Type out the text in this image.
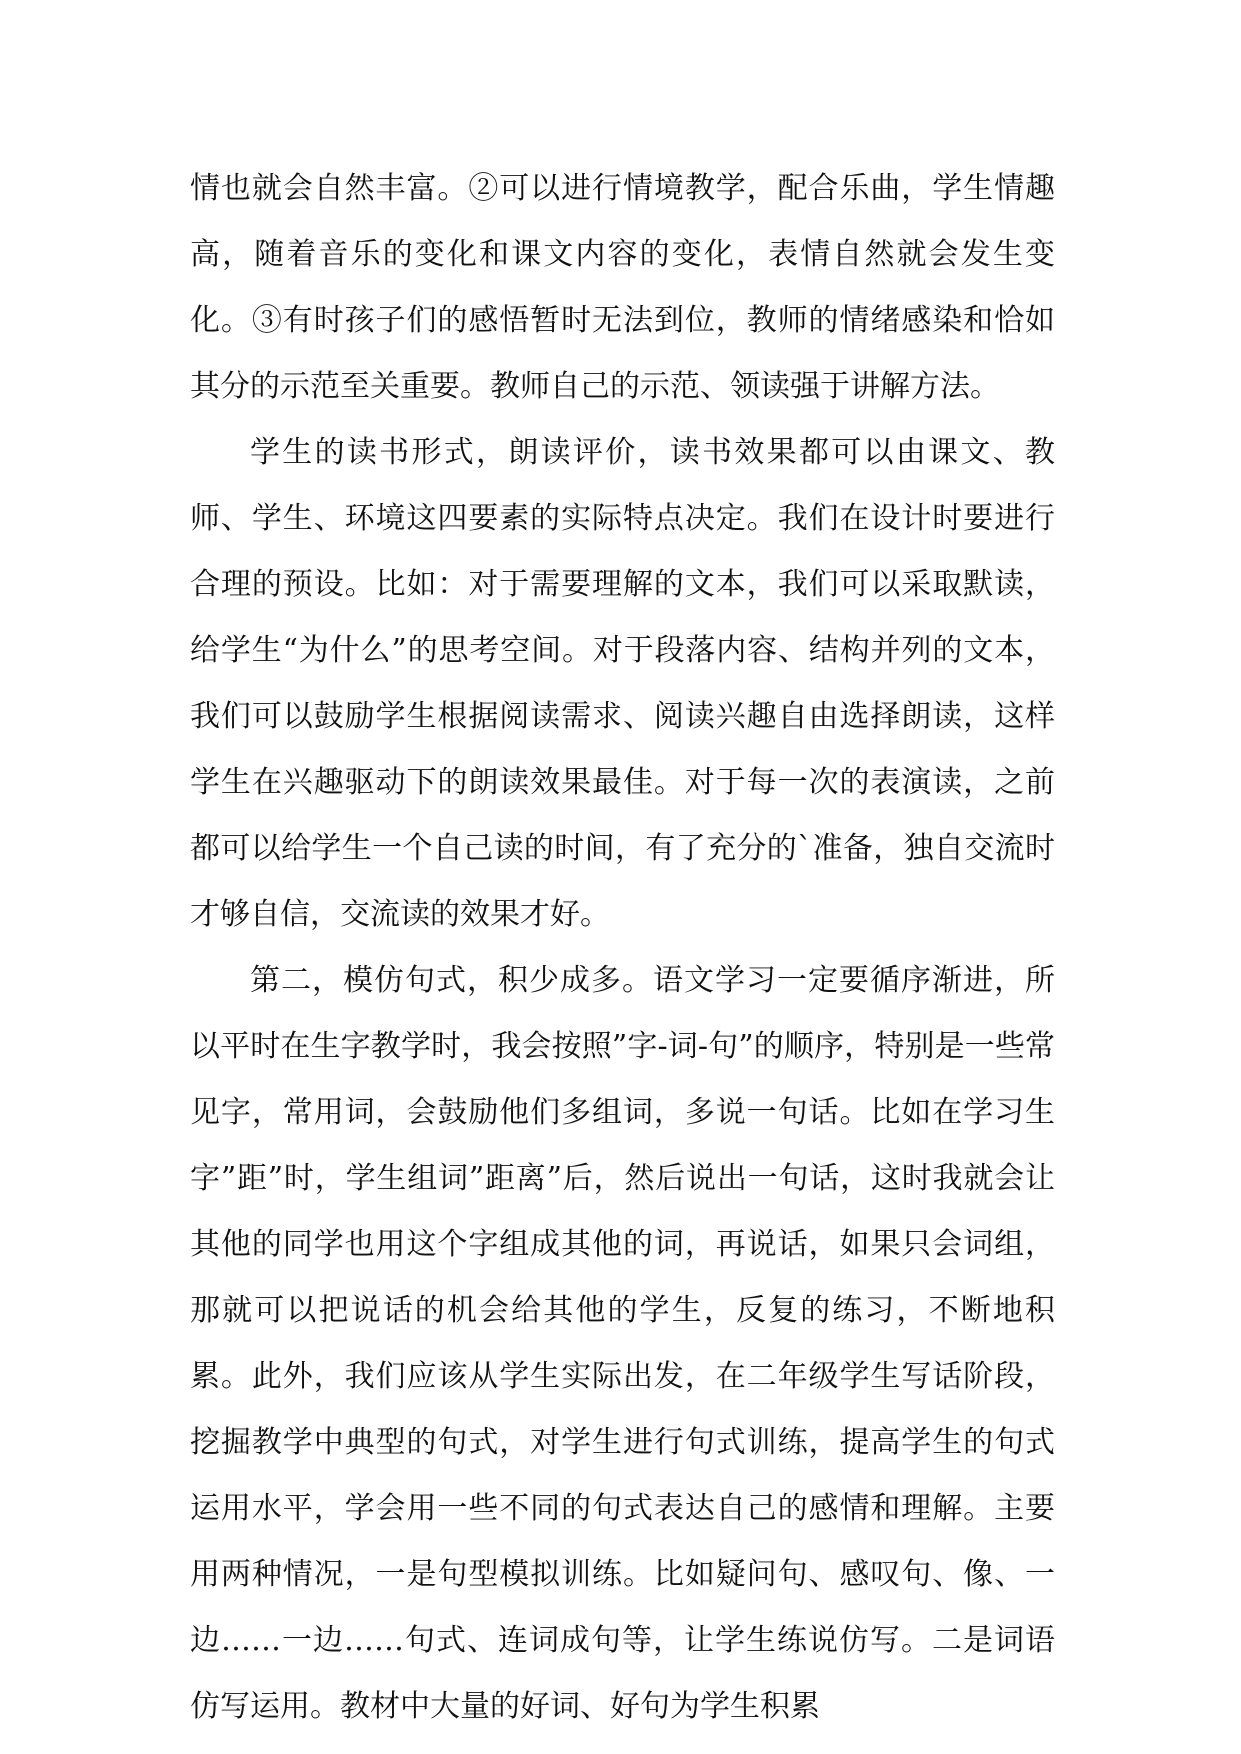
情也就会自然丰富。②可以进行情境教学，配合乐曲，学生情趣高，随着音乐的变化和课文内容的变化，表情自然就会发生变化。③有时孩子们的感悟暂时无法到位，教师的情绪感染和恰如其分的示范至关重要。教师自己的示范、领读强于讲解方法。

学生的读书形式，朗读评价，读书效果都可以由课文、教师、学生、环境这四要素的实际特点决定。我们在设计时要进行合理的预设。比如：对于需要理解的文本，我们可以采取默读，给学生“为什么”的思考空间。对于段落内容、结构并列的文本，我们可以鼓励学生根据阅读需求、阅读兴趣自由选择朗读，这样学生在兴趣驱动下的朗读效果最佳。对于每一次的表演读，之前都可以给学生一个自己读的时间，有了充分的`准备，独自交流时才够自信，交流读的效果才好。

第二，模仿句式，积少成多。语文学习一定要循序渐进，所以平时在生字教学时，我会按照”字-词-句”的顺序，特别是一些常见字，常用词，会鼓励他们多组词，多说一句话。比如在学习生字”距”时，学生组词”距离”后，然后说出一句话，这时我就会让其他的同学也用这个字组成其他的词，再说话，如果只会词组，那就可以把说话的机会给其他的学生，反复的练习，不断地积累。此外，我们应该从学生实际出发，在二年级学生写话阶段，挖掘教学中典型的句式，对学生进行句式训练，提高学生的句式运用水平，学会用一些不同的句式表达自己的感情和理解。主要用两种情况，一是句型模拟训练。比如疑问句、感叹句、像、一边……一边……句式、连词成句等，让学生练说仿写。二是词语仿写运用。教材中大量的好词、好句为学生积累
